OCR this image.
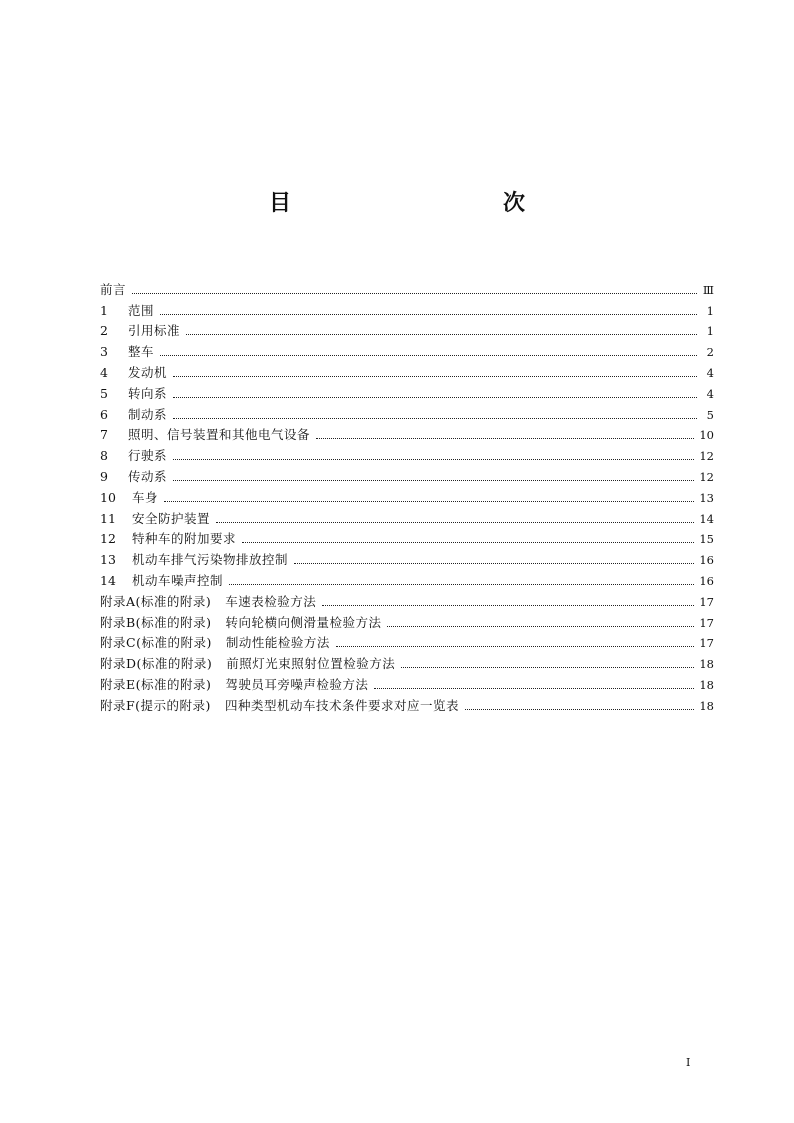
目　　次
前言	Ⅲ
1	范围	1
2	引用标准	1
3	整车	2
4	发动机	4
5	转向系	4
6	制动系	5
7	照明、信号装置和其他电气设备	10
8	行驶系	12
9	传动系	12
10	车身	13
11	安全防护装置	14
12	特种车的附加要求	15
13	机动车排气污染物排放控制	16
14	机动车噪声控制	16
附录A(标准的附录) 车速表检验方法	17
附录B(标准的附录) 转向轮横向侧滑量检验方法	17
附录C(标准的附录) 制动性能检验方法	17
附录D(标准的附录) 前照灯光束照射位置检验方法	18
附录E(标准的附录) 驾驶员耳旁噪声检验方法	18
附录F(提示的附录) 四种类型机动车技术条件要求对应一览表	18
I
